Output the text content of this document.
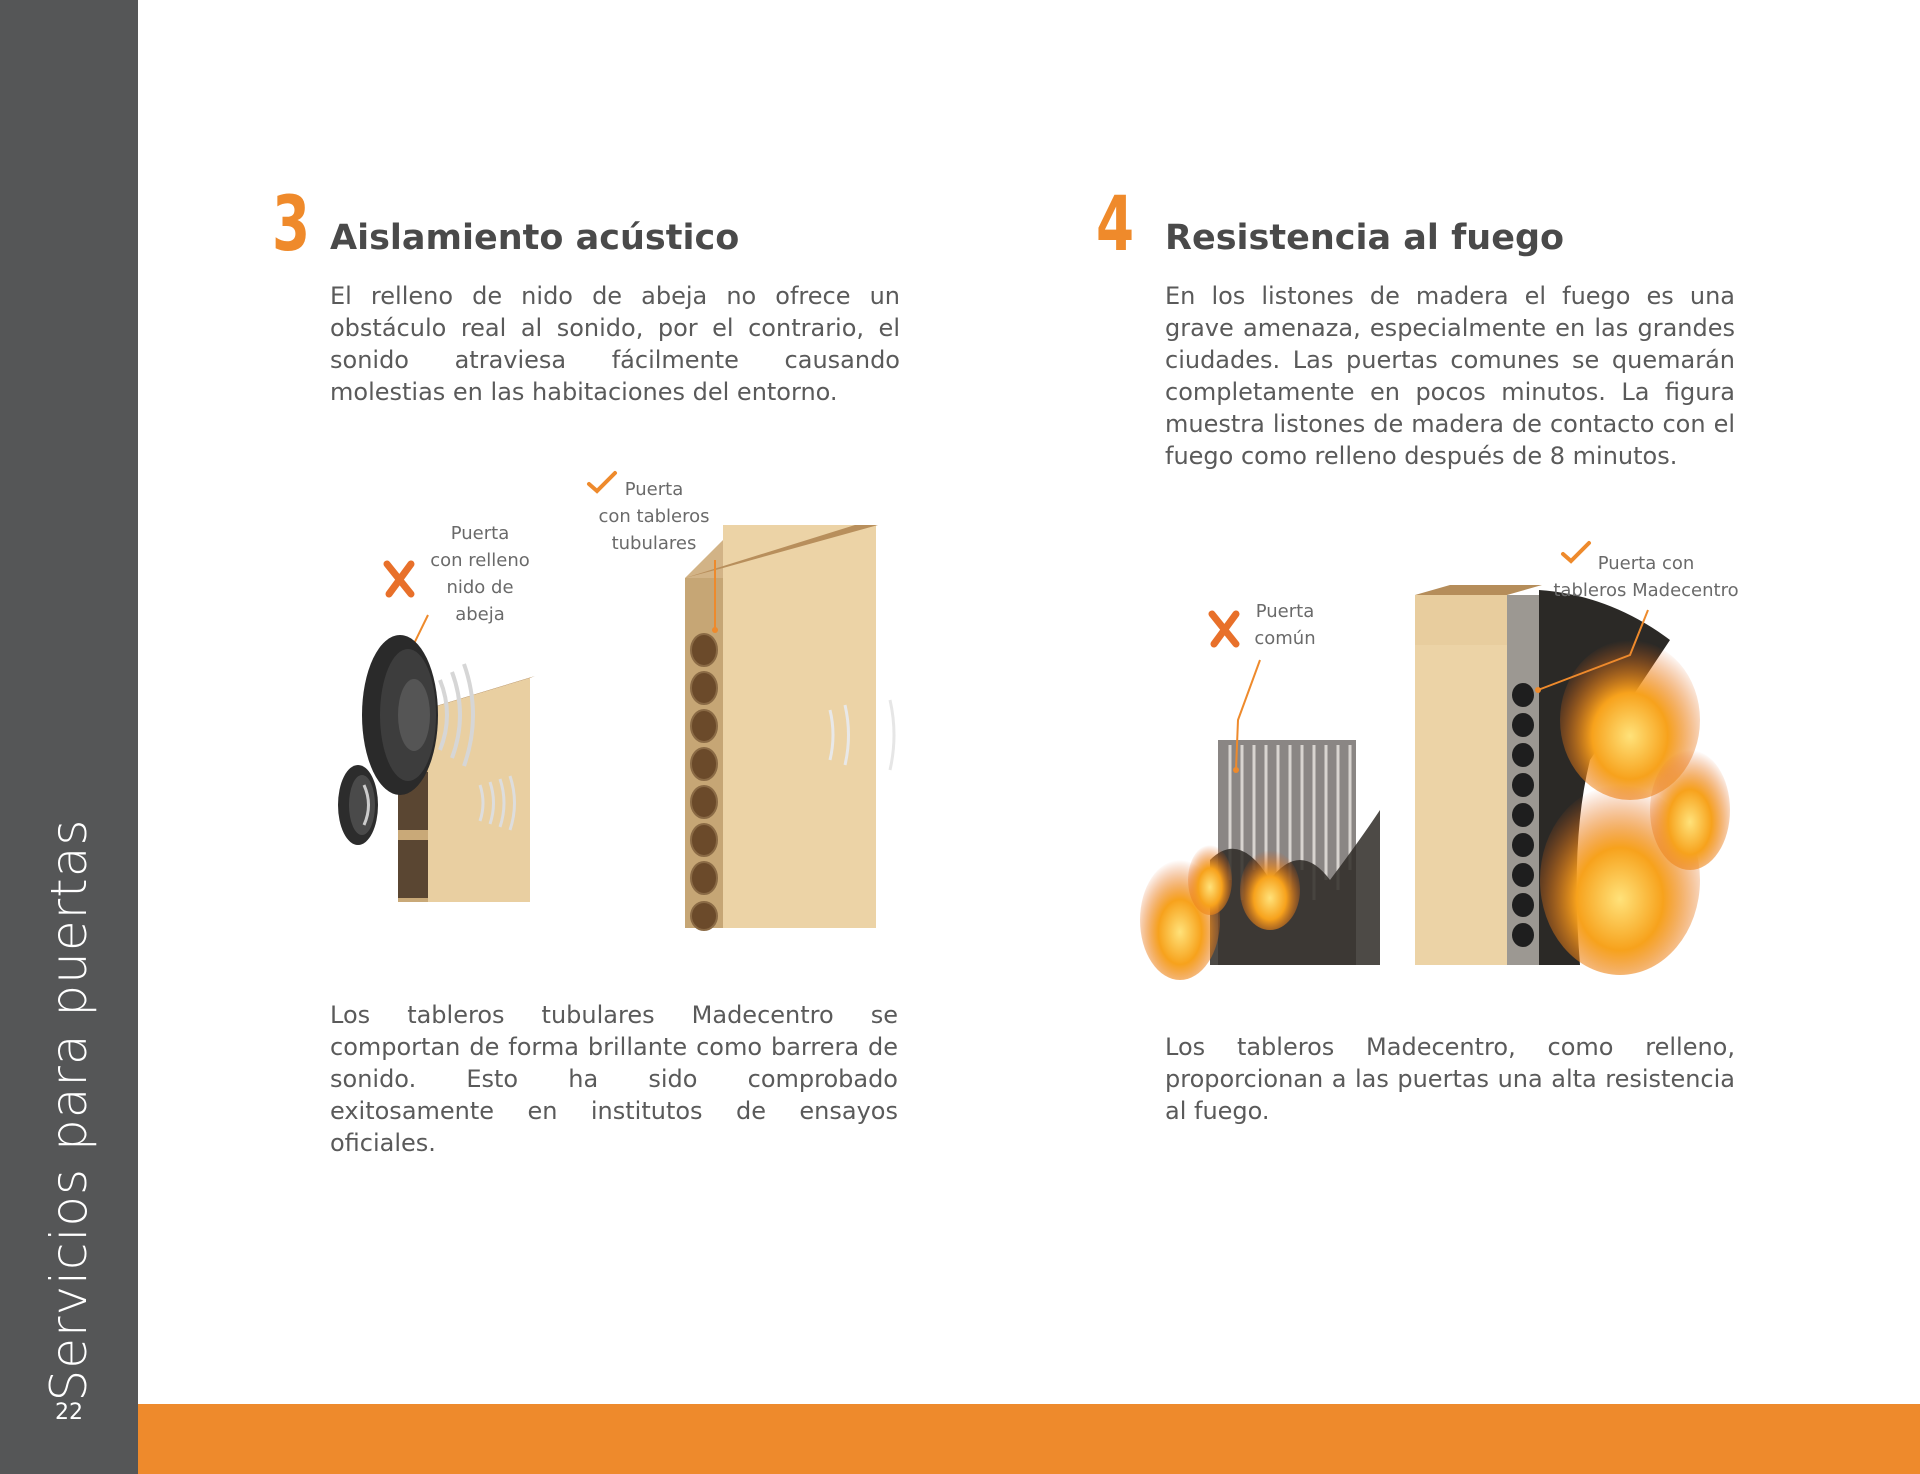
Servicios para puertas
22
3 Aislamiento acústico
El relleno de nido de abeja no ofrece un obstáculo real al sonido, por el contrario, el sonido atraviesa fácilmente causando molestias en las habitaciones del entorno.
Puerta
con relleno
nido de
abeja
Puerta
con tableros
tubulares
Los tableros tubulares Madecentro se comportan de forma brillante como barrera de sonido. Esto ha sido comprobado exitosamente en institutos de ensayos oficiales.
4 Resistencia al fuego
En los listones de madera el fuego es una grave amenaza, especialmente en las grandes ciudades. Las puertas comunes se quemarán completamente en pocos minutos. La figura muestra listones de madera de contacto con el fuego como relleno después de 8 minutos.
Puerta
común
Puerta con
tableros Madecentro
Los tableros Madecentro, como relleno, proporcionan a las puertas una alta resistencia al fuego.
